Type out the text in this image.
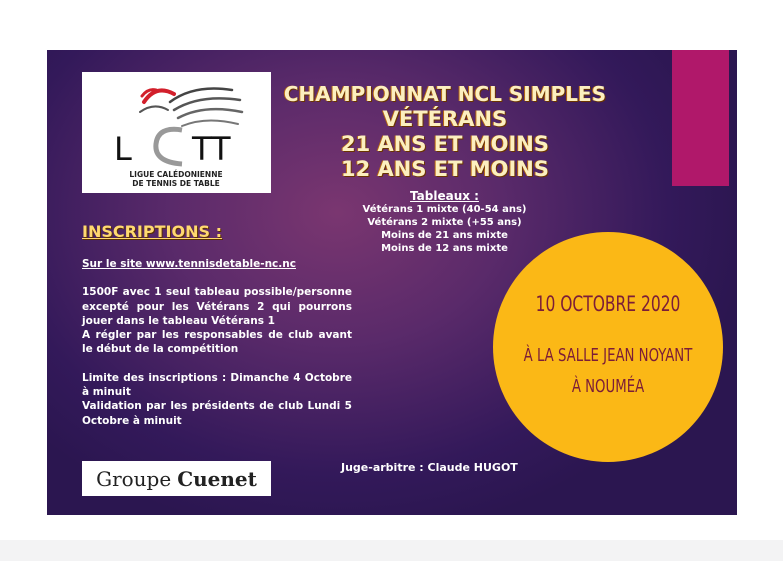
L TT
LIGUE CALÉDONIENNE
DE TENNIS DE TABLE
CHAMPIONNAT NCL SIMPLES
VÉTÉRANS
21 ANS ET MOINS
12 ANS ET MOINS
Tableaux :
Vétérans 1 mixte (40-54 ans)
Vétérans 2 mixte (+55 ans)
Moins de 21 ans mixte
Moins de 12 ans mixte
INSCRIPTIONS :

Sur le site www.tennisdetable-nc.nc

1500F avec 1 seul tableau possible/personne excepté pour les Vétérans 2 qui pourrons jouer dans le tableau Vétérans 1

A régler par les responsables de club avant le début de la compétition

Limite des inscriptions : Dimanche 4 Octobre à minuit

Validation par les présidents de club Lundi 5 Octobre à minuit

Groupe Cuenet	Juge-arbitre : Claude HUGOT
10 OCTOBRE 2020
À LA SALLE JEAN NOYANT
À NOUMÉA
